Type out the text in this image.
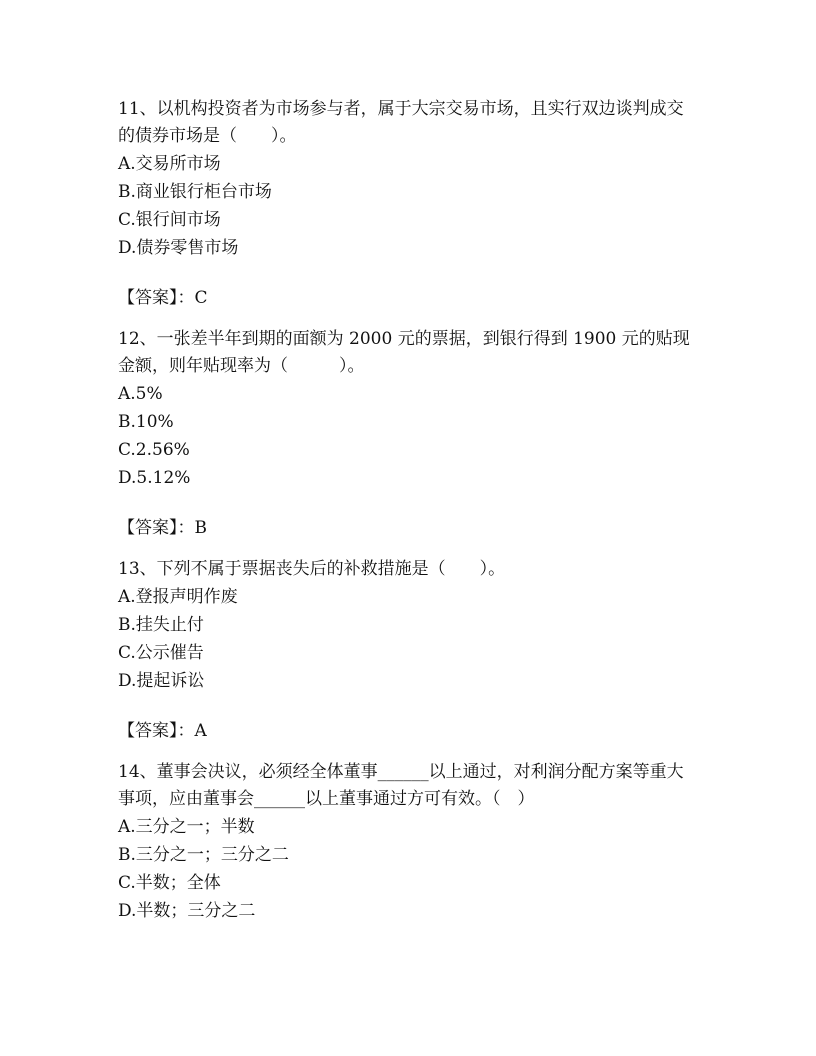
11、以机构投资者为市场参与者，属于大宗交易市场，且实行双边谈判成交的债券市场是（　　）。

A.交易所市场

B.商业银行柜台市场

C.银行间市场

D.债券零售市场

【答案】：C

12、一张差半年到期的面额为 2000 元的票据，到银行得到 1900 元的贴现金额，则年贴现率为（　　　）。

A.5%

B.10%

C.2.56%

D.5.12%

【答案】：B

13、下列不属于票据丧失后的补救措施是（　　）。

A.登报声明作废

B.挂失止付

C.公示催告

D.提起诉讼

【答案】：A

14、董事会决议，必须经全体董事______以上通过，对利润分配方案等重大事项，应由董事会______以上董事通过方可有效。（　）

A.三分之一；半数

B.三分之一；三分之二

C.半数；全体

D.半数；三分之二
